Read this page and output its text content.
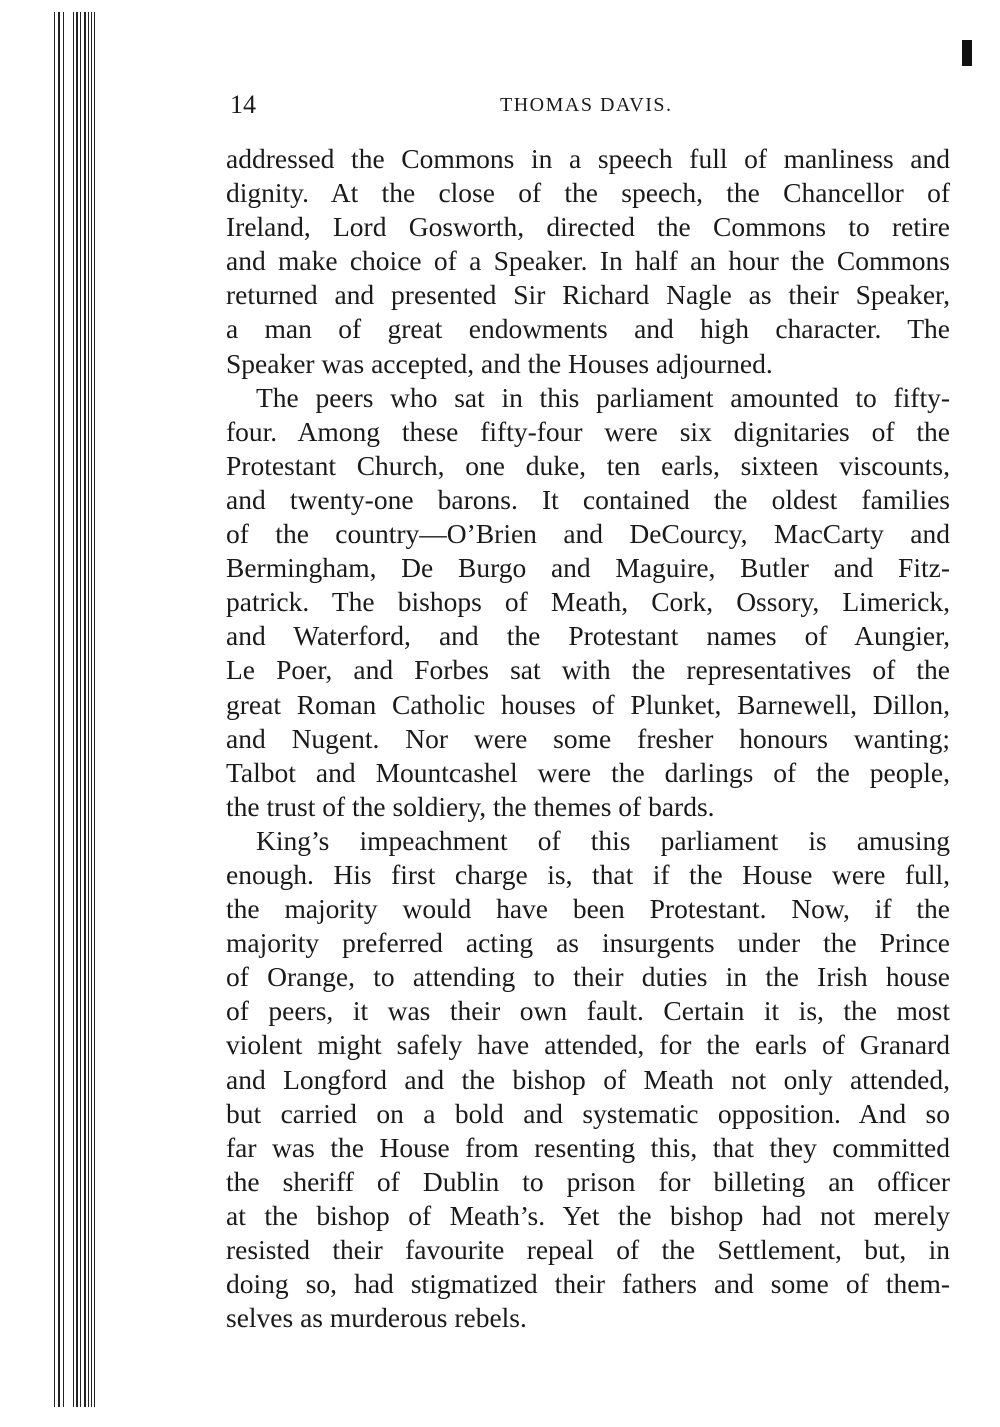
14	THOMAS DAVIS.
addressed the Commons in a speech full of manliness and
dignity. At the close of the speech, the Chancellor of
Ireland, Lord Gosworth, directed the Commons to retire
and make choice of a Speaker. In half an hour the Commons
returned and presented Sir Richard Nagle as their Speaker,
a man of great endowments and high character. The
Speaker was accepted, and the Houses adjourned.
The peers who sat in this parliament amounted to fifty-
four. Among these fifty-four were six dignitaries of the
Protestant Church, one duke, ten earls, sixteen viscounts,
and twenty-one barons. It contained the oldest families
of the country—O’Brien and DeCourcy, MacCarty and
Bermingham, De Burgo and Maguire, Butler and Fitz-
patrick. The bishops of Meath, Cork, Ossory, Limerick,
and Waterford, and the Protestant names of Aungier,
Le Poer, and Forbes sat with the representatives of the
great Roman Catholic houses of Plunket, Barnewell, Dillon,
and Nugent. Nor were some fresher honours wanting;
Talbot and Mountcashel were the darlings of the people,
the trust of the soldiery, the themes of bards.
King’s impeachment of this parliament is amusing
enough. His first charge is, that if the House were full,
the majority would have been Protestant. Now, if the
majority preferred acting as insurgents under the Prince
of Orange, to attending to their duties in the Irish house
of peers, it was their own fault. Certain it is, the most
violent might safely have attended, for the earls of Granard
and Longford and the bishop of Meath not only attended,
but carried on a bold and systematic opposition. And so
far was the House from resenting this, that they committed
the sheriff of Dublin to prison for billeting an officer
at the bishop of Meath’s. Yet the bishop had not merely
resisted their favourite repeal of the Settlement, but, in
doing so, had stigmatized their fathers and some of them-
selves as murderous rebels.
